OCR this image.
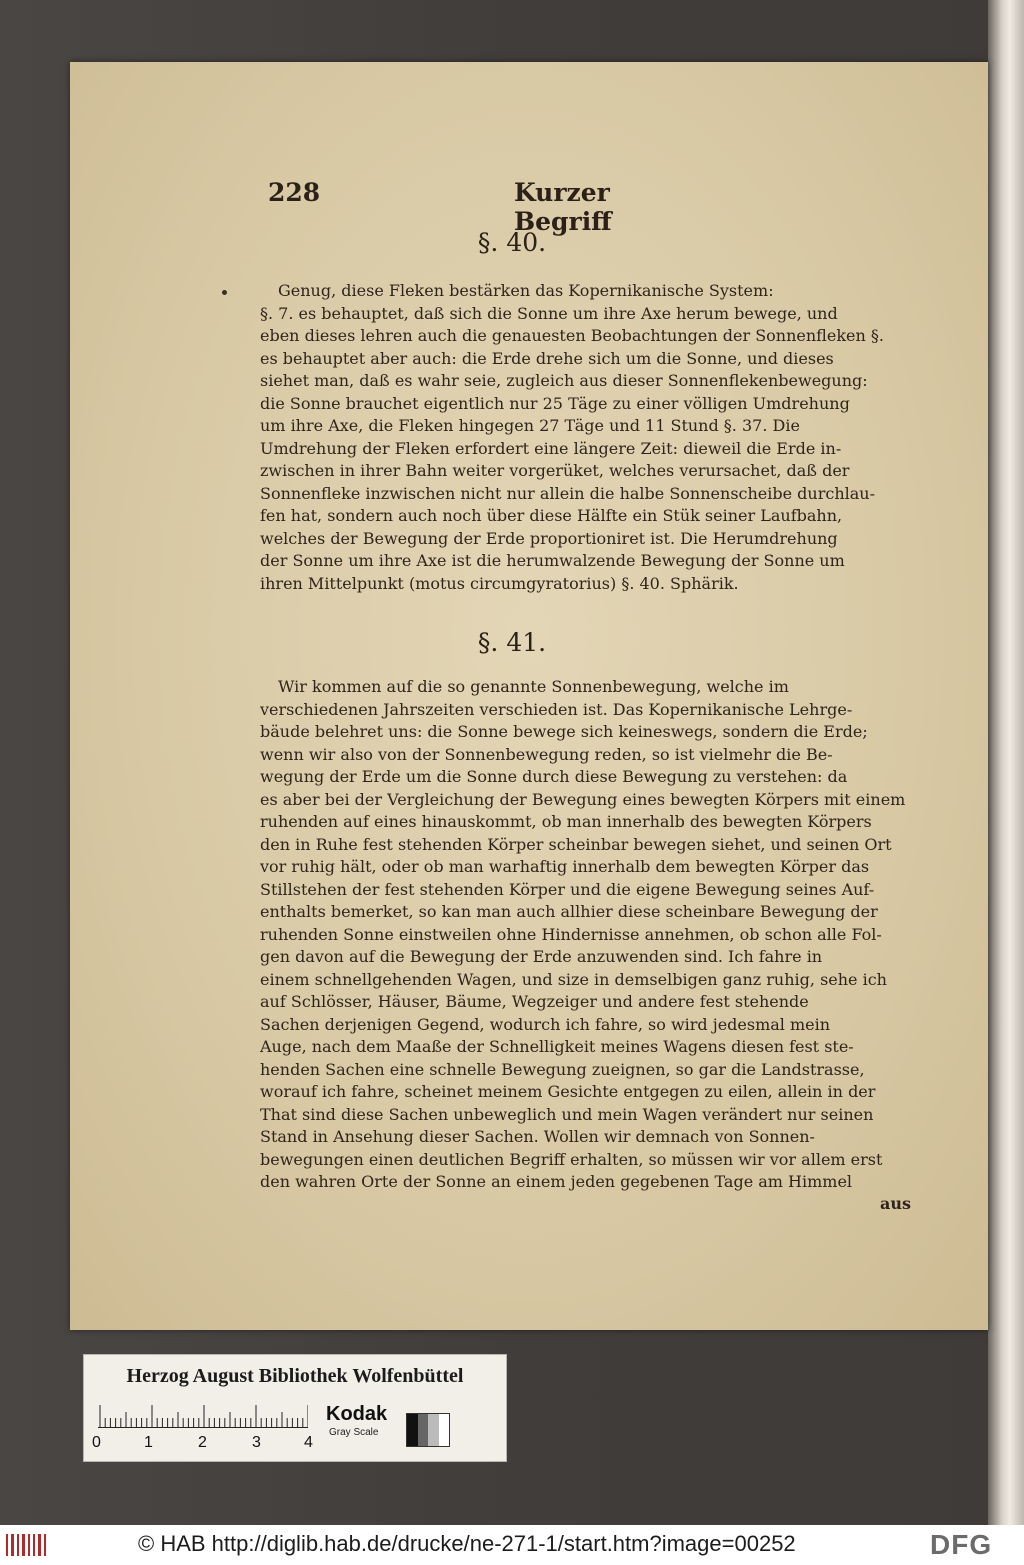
228	Kurzer Begriff
§. 40.
Genug, diese Fleken bestärken das Kopernikanische System:
§. 7. es behauptet, daß sich die Sonne um ihre Axe herum bewege, und
eben dieses lehren auch die genauesten Beobachtungen der Sonnenfleken §.
es behauptet aber auch: die Erde drehe sich um die Sonne, und dieses
siehet man, daß es wahr seie, zugleich aus dieser Sonnenflekenbewegung:
die Sonne brauchet eigentlich nur 25 Täge zu einer völligen Umdrehung
um ihre Axe, die Fleken hingegen 27 Täge und 11 Stund §. 37. Die
Umdrehung der Fleken erfordert eine längere Zeit: dieweil die Erde in-
zwischen in ihrer Bahn weiter vorgerüket, welches verursachet, daß der
Sonnenfleke inzwischen nicht nur allein die halbe Sonnenscheibe durchlau-
fen hat, sondern auch noch über diese Hälfte ein Stük seiner Laufbahn,
welches der Bewegung der Erde proportioniret ist. Die Herumdrehung
der Sonne um ihre Axe ist die herumwalzende Bewegung der Sonne um
ihren Mittelpunkt (motus circumgyratorius) §. 40. Sphärik.
§. 41.
Wir kommen auf die so genannte Sonnenbewegung, welche im
verschiedenen Jahrszeiten verschieden ist. Das Kopernikanische Lehrge-
bäude belehret uns: die Sonne bewege sich keineswegs, sondern die Erde;
wenn wir also von der Sonnenbewegung reden, so ist vielmehr die Be-
wegung der Erde um die Sonne durch diese Bewegung zu verstehen: da
es aber bei der Vergleichung der Bewegung eines bewegten Körpers mit einem
ruhenden auf eines hinauskommt, ob man innerhalb des bewegten Körpers
den in Ruhe fest stehenden Körper scheinbar bewegen siehet, und seinen Ort
vor ruhig hält, oder ob man warhaftig innerhalb dem bewegten Körper das
Stillstehen der fest stehenden Körper und die eigene Bewegung seines Auf-
enthalts bemerket, so kan man auch allhier diese scheinbare Bewegung der
ruhenden Sonne einstweilen ohne Hindernisse annehmen, ob schon alle Fol-
gen davon auf die Bewegung der Erde anzuwenden sind. Ich fahre in
einem schnellgehenden Wagen, und size in demselbigen ganz ruhig, sehe ich
auf Schlösser, Häuser, Bäume, Wegzeiger und andere fest stehende
Sachen derjenigen Gegend, wodurch ich fahre, so wird jedesmal mein
Auge, nach dem Maaße der Schnelligkeit meines Wagens diesen fest ste-
henden Sachen eine schnelle Bewegung zueignen, so gar die Landstrasse,
worauf ich fahre, scheinet meinem Gesichte entgegen zu eilen, allein in der
That sind diese Sachen unbeweglich und mein Wagen verändert nur seinen
Stand in Ansehung dieser Sachen. Wollen wir demnach von Sonnen-
bewegungen einen deutlichen Begriff erhalten, so müssen wir vor allem erst
den wahren Orte der Sonne an einem jeden gegebenen Tage am Himmel
aus
Herzog August Bibliothek Wolfenbüttel
0	1	2	3	4
Kodak
Gray Scale
© HAB http://diglib.hab.de/drucke/ne-271-1/start.htm?image=00252	DFG
